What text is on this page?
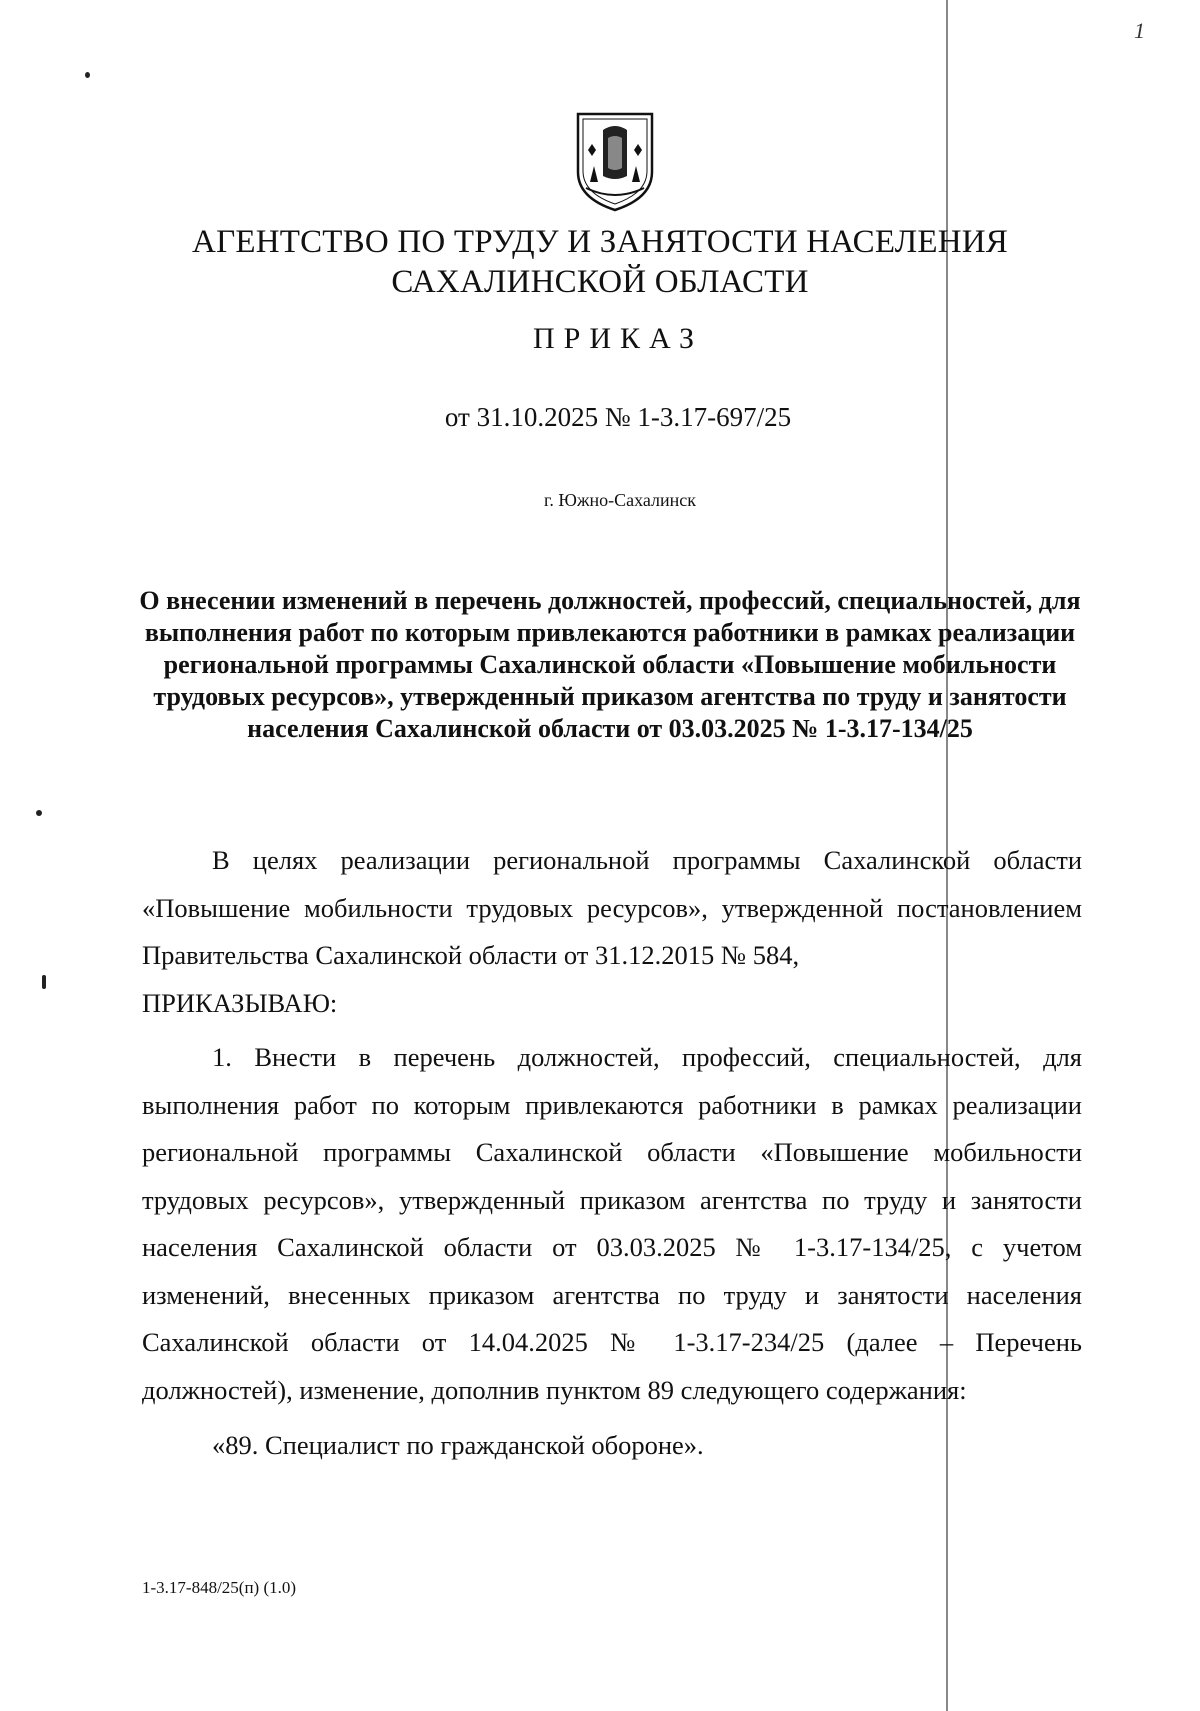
1
АГЕНТСТВО ПО ТРУДУ И ЗАНЯТОСТИ НАСЕЛЕНИЯ
САХАЛИНСКОЙ ОБЛАСТИ
ПРИКАЗ
от 31.10.2025 № 1-3.17-697/25
г. Южно-Сахалинск
О внесении изменений в перечень должностей, профессий, специальностей, для выполнения работ по которым привлекаются работники в рамках реализации региональной программы Сахалинской области «Повышение мобильности трудовых ресурсов», утвержденный приказом агентства по труду и занятости населения Сахалинской области от 03.03.2025 № 1-3.17-134/25
В целях реализации региональной программы Сахалинской области «Повышение мобильности трудовых ресурсов», утвержденной постановлением Правительства Сахалинской области от 31.12.2015 № 584,
ПРИКАЗЫВАЮ:
1. Внести в перечень должностей, профессий, специальностей, для выполнения работ по которым привлекаются работники в рамках реализации региональной программы Сахалинской области «Повышение мобильности трудовых ресурсов», утвержденный приказом агентства по труду и занятости населения Сахалинской области от 03.03.2025 № 1-3.17-134/25, с учетом изменений, внесенных приказом агентства по труду и занятости населения Сахалинской области от 14.04.2025 № 1-3.17-234/25 (далее – Перечень должностей), изменение, дополнив пунктом 89 следующего содержания:
«89. Специалист по гражданской обороне».
1-3.17-848/25(п) (1.0)
